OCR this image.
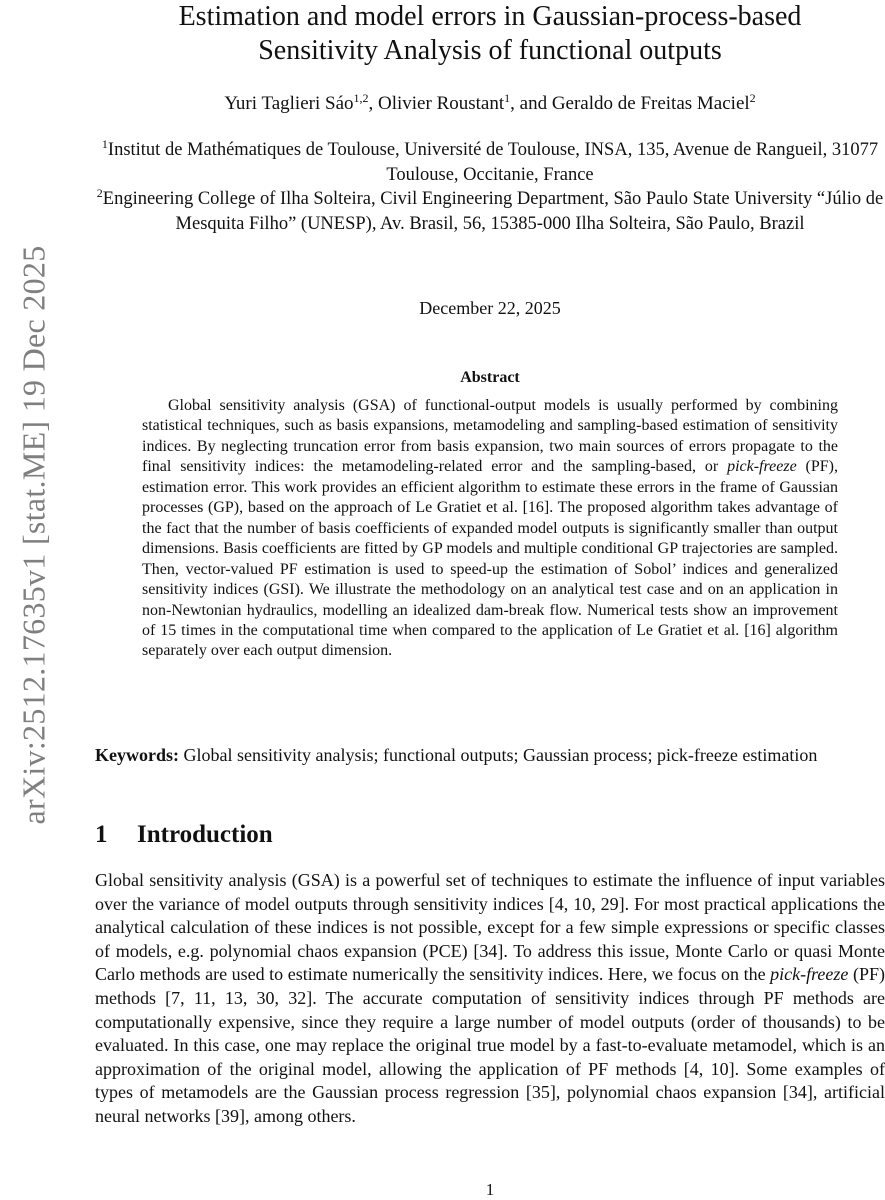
arXiv:2512.17635v1 [stat.ME] 19 Dec 2025
Estimation and model errors in Gaussian-process-based
Sensitivity Analysis of functional outputs
Yuri Taglieri Sáo$^{1,2}$, Olivier Roustant$^1$, and Geraldo de Freitas Maciel$^2$
$^1$Institut de Mathématiques de Toulouse, Université de Toulouse, INSA, 135, Avenue de Rangueil, 31077 Toulouse, Occitanie, France
$^2$Engineering College of Ilha Solteira, Civil Engineering Department, São Paulo State University “Júlio de Mesquita Filho” (UNESP), Av. Brasil, 56, 15385-000 Ilha Solteira, São Paulo, Brazil
December 22, 2025
Abstract

Global sensitivity analysis (GSA) of functional-output models is usually performed by combining statistical techniques, such as basis expansions, metamodeling and sampling-based estimation of sensitivity indices. By neglecting truncation error from basis expansion, two main sources of errors propagate to the final sensitivity indices: the metamodeling-related error and the sampling-based, or pick-freeze (PF), estimation error. This work provides an efficient algorithm to estimate these errors in the frame of Gaussian processes (GP), based on the approach of Le Gratiet et al. [16]. The proposed algorithm takes advantage of the fact that the number of basis coefficients of expanded model outputs is significantly smaller than output dimensions. Basis coefficients are fitted by GP models and multiple conditional GP trajectories are sampled. Then, vector-valued PF estimation is used to speed-up the estimation of Sobol’ indices and generalized sensitivity indices (GSI). We illustrate the methodology on an analytical test case and on an application in non-Newtonian hydraulics, modelling an idealized dam-break flow. Numerical tests show an improvement of 15 times in the computational time when compared to the application of Le Gratiet et al. [16] algorithm separately over each output dimension.

Keywords: Global sensitivity analysis; functional outputs; Gaussian process; pick-freeze estimation

1 Introduction

Global sensitivity analysis (GSA) is a powerful set of techniques to estimate the influence of input variables over the variance of model outputs through sensitivity indices [4, 10, 29]. For most practical applications the analytical calculation of these indices is not possible, except for a few simple expressions or specific classes of models, e.g. polynomial chaos expansion (PCE) [34]. To address this issue, Monte Carlo or quasi Monte Carlo methods are used to estimate numerically the sensitivity indices. Here, we focus on the pick-freeze (PF) methods [7, 11, 13, 30, 32]. The accurate computation of sensitivity indices through PF methods are computationally expensive, since they require a large number of model outputs (order of thousands) to be evaluated. In this case, one may replace the original true model by a fast-to-evaluate metamodel, which is an approximation of the original model, allowing the application of PF methods [4, 10]. Some examples of types of metamodels are the Gaussian process regression [35], polynomial chaos expansion [34], artificial neural networks [39], among others.

1
